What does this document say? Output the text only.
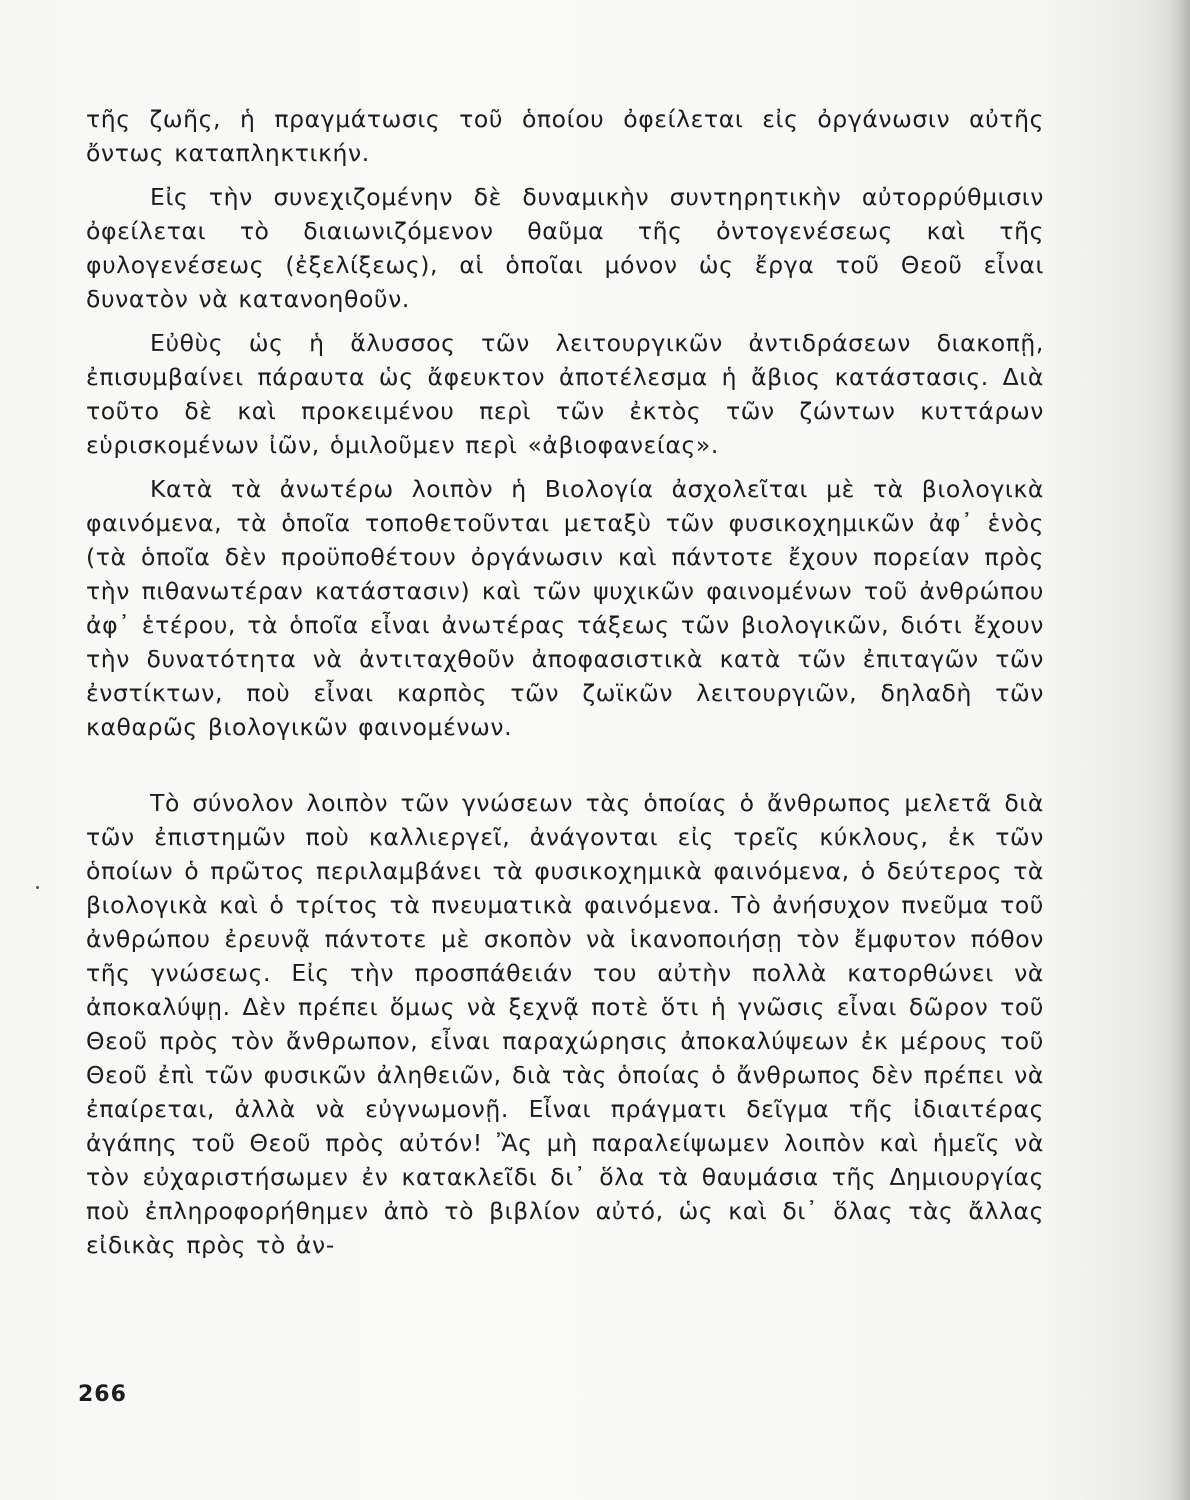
τῆς ζωῆς, ἡ πραγμάτωσις τοῦ ὁποίου ὀφείλεται εἰς ὀργάνωσιν αὐτῆς ὄντως καταπληκτικήν.

Εἰς τὴν συνεχιζομένην δὲ δυναμικὴν συντηρητικὴν αὐτορρύθμισιν ὀφείλεται τὸ διαιωνιζόμενον θαῦμα τῆς ὀντογενέσεως καὶ τῆς φυλογενέσεως (ἐξελίξεως), αἱ ὁποῖαι μόνον ὡς ἔργα τοῦ Θεοῦ εἶναι δυνατὸν νὰ κατανοηθοῦν.

Εὐθὺς ὡς ἡ ἅλυσσος τῶν λειτουργικῶν ἀντιδράσεων διακοπῇ, ἐπισυμβαίνει πάραυτα ὡς ἄφευκτον ἀποτέλεσμα ἡ ἄβιος κατάστασις. Διὰ τοῦτο δὲ καὶ προκειμένου περὶ τῶν ἐκτὸς τῶν ζώντων κυττάρων εὑρισκομένων ἰῶν, ὁμιλοῦμεν περὶ «ἀβιοφανείας».

Κατὰ τὰ ἀνωτέρω λοιπὸν ἡ Βιολογία ἀσχολεῖται μὲ τὰ βιολογικὰ φαινόμενα, τὰ ὁποῖα τοποθετοῦνται μεταξὺ τῶν φυσικοχημικῶν ἀφ᾽ ἑνὸς (τὰ ὁποῖα δὲν προϋποθέτουν ὀργάνωσιν καὶ πάντοτε ἔχουν πορείαν πρὸς τὴν πιθανωτέραν κατάστασιν) καὶ τῶν ψυχικῶν φαινομένων τοῦ ἀνθρώπου ἀφ᾽ ἑτέρου, τὰ ὁποῖα εἶναι ἀνωτέρας τάξεως τῶν βιολογικῶν, διότι ἔχουν τὴν δυνατότητα νὰ ἀντιταχθοῦν ἀποφασιστικὰ κατὰ τῶν ἐπιταγῶν τῶν ἐνστίκτων, ποὺ εἶναι καρπὸς τῶν ζωϊκῶν λειτουργιῶν, δηλαδὴ τῶν καθαρῶς βιολογικῶν φαινομένων.

Τὸ σύνολον λοιπὸν τῶν γνώσεων τὰς ὁποίας ὁ ἄνθρωπος μελετᾶ διὰ τῶν ἐπιστημῶν ποὺ καλλιεργεῖ, ἀνάγονται εἰς τρεῖς κύκλους, ἐκ τῶν ὁποίων ὁ πρῶτος περιλαμβάνει τὰ φυσικοχημικὰ φαινόμενα, ὁ δεύτερος τὰ βιολογικὰ καὶ ὁ τρίτος τὰ πνευματικὰ φαινόμενα. Τὸ ἀνήσυχον πνεῦμα τοῦ ἀνθρώπου ἐρευνᾷ πάντοτε μὲ σκοπὸν νὰ ἱκανοποιήσῃ τὸν ἔμφυτον πόθον τῆς γνώσεως. Εἰς τὴν προσπάθειάν του αὐτὴν πολλὰ κατορθώνει νὰ ἀποκαλύψῃ. Δὲν πρέπει ὅμως νὰ ξεχνᾷ ποτὲ ὅτι ἡ γνῶσις εἶναι δῶρον τοῦ Θεοῦ πρὸς τὸν ἄνθρωπον, εἶναι παραχώρησις ἀποκαλύψεων ἐκ μέρους τοῦ Θεοῦ ἐπὶ τῶν φυσικῶν ἀληθειῶν, διὰ τὰς ὁποίας ὁ ἄνθρωπος δὲν πρέπει νὰ ἐπαίρεται, ἀλλὰ νὰ εὐγνωμονῇ. Εἶναι πράγματι δεῖγμα τῆς ἰδιαιτέρας ἀγάπης τοῦ Θεοῦ πρὸς αὐτόν! Ἂς μὴ παραλείψωμεν λοιπὸν καὶ ἡμεῖς νὰ τὸν εὐχαριστήσωμεν ἐν κατακλεῖδι δι᾽ ὅλα τὰ θαυμάσια τῆς Δημιουργίας ποὺ ἐπληροφορήθημεν ἀπὸ τὸ βιβλίον αὐτό, ὡς καὶ δι᾽ ὅλας τὰς ἄλλας εἰδικὰς πρὸς τὸ ἀν-

266
